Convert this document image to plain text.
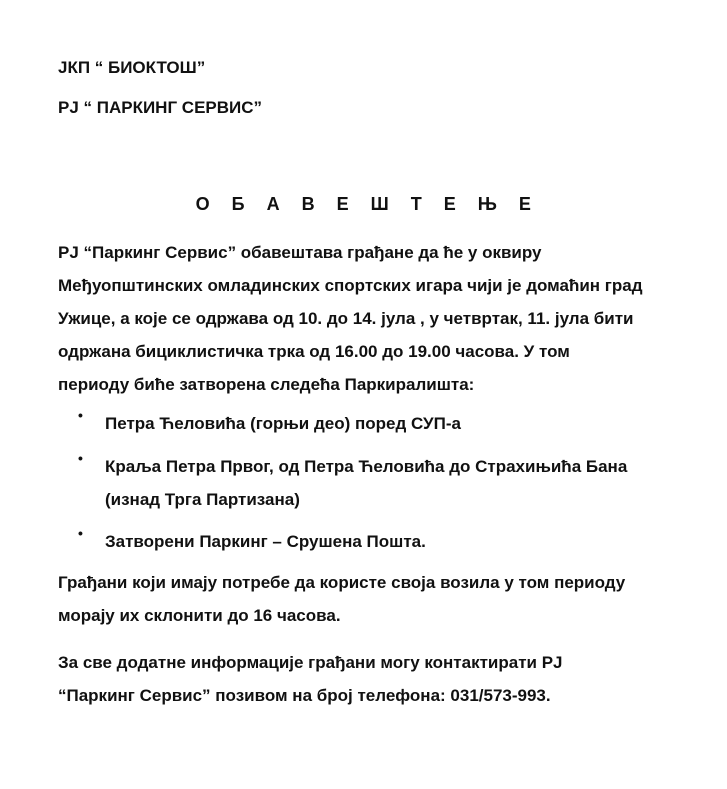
ЈКП “ БИОКТОШ”
РЈ “ ПАРКИНГ СЕРВИС”
О Б А В Е Ш Т Е Њ Е
РЈ “Паркинг Сервис” обавештава грађане да ће у оквиру
Међуопштинских омладинских спортских игара чији је домаћин град
Ужице, а које се одржава од 10. до 14. јула , у четвртак, 11. јула бити
одржана бициклистичка трка од 16.00 до 19.00 часова. У том
периоду биће затворена следећа Паркиралишта:
• Петра Ћеловића (горњи део) поред СУП-а
• Краља Петра Првог, од Петра Ћеловића до Страхињића Бана
(изнад Трга Партизана)
• Затворени Паркинг – Срушена Пошта.
Грађани који имају потребе да користе своја возила у том периоду
морају их склонити до 16 часова.
За све додатне информације грађани могу контактирати РЈ
“Паркинг Сервис” позивом на број телефона: 031/573-993.
